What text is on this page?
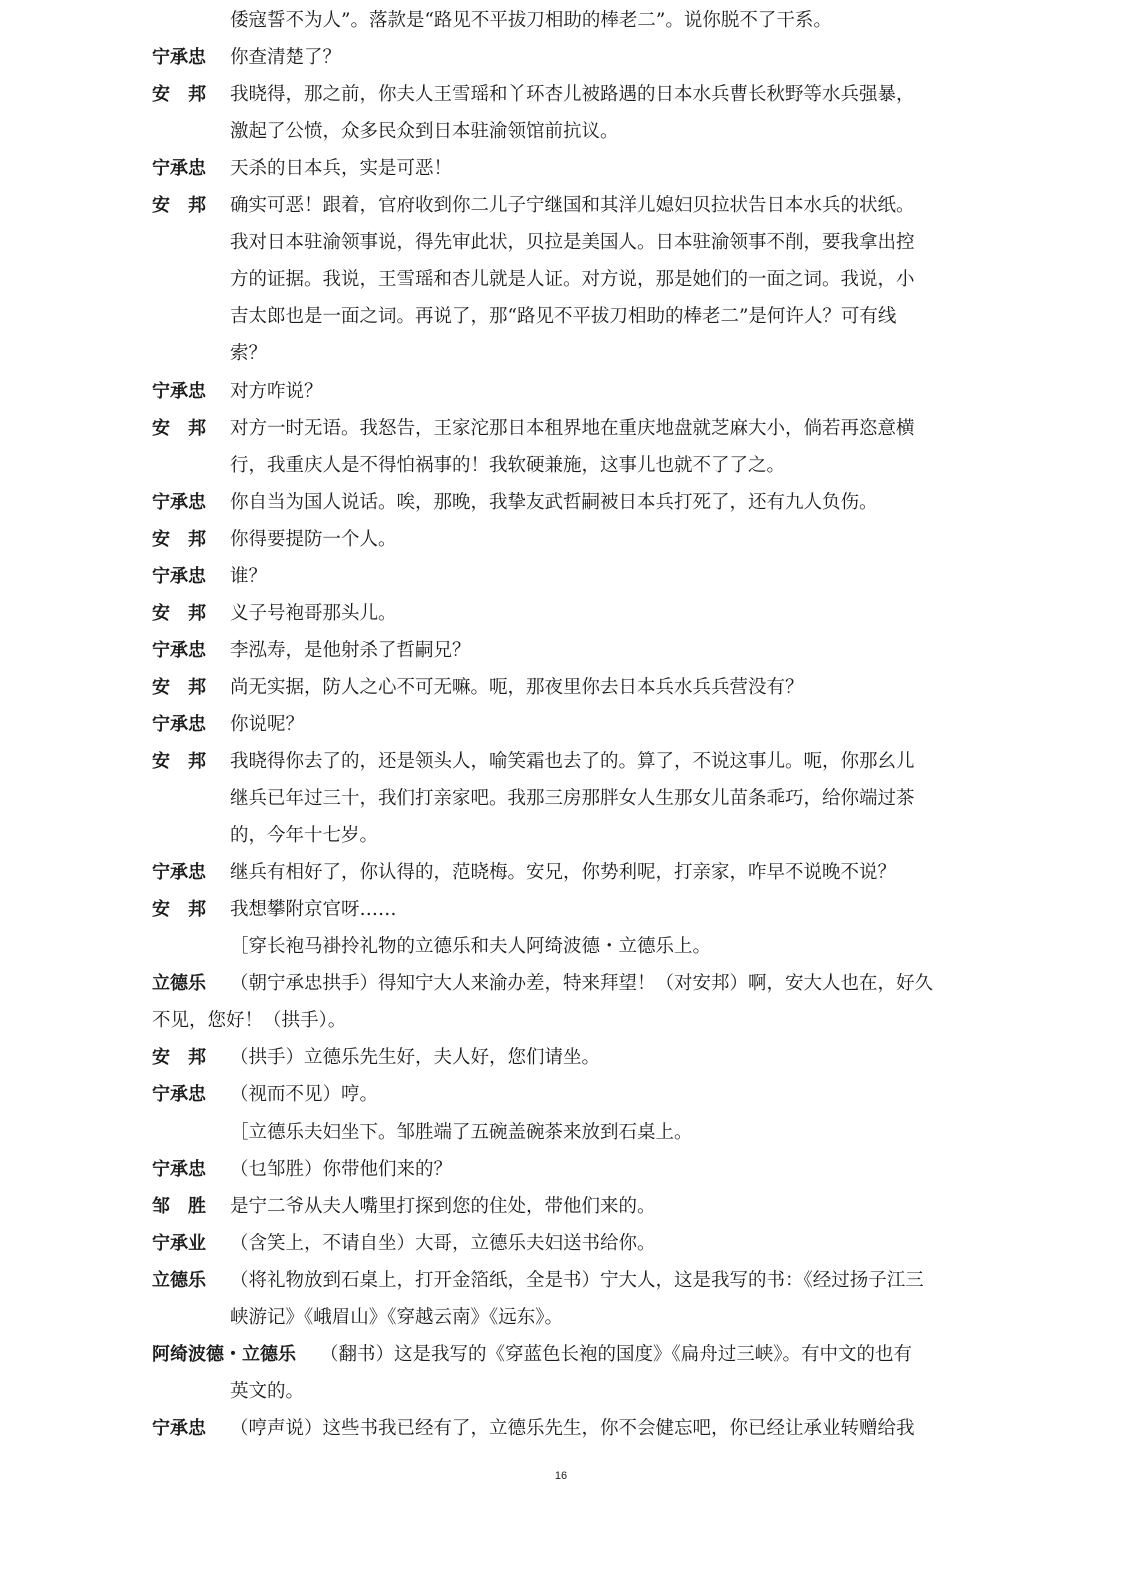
倭寇誓不为人”。落款是“路见不平拔刀相助的棒老二”。说你脱不了干系。
宁承忠 你查清楚了？
安　邦 我晓得，那之前，你夫人王雪瑶和丫环杏儿被路遇的日本水兵曹长秋野等水兵强暴，
激起了公愤，众多民众到日本驻渝领馆前抗议。
宁承忠 天杀的日本兵，实是可恶！
安　邦 确实可恶！跟着，官府收到你二儿子宁继国和其洋儿媳妇贝拉状告日本水兵的状纸。
我对日本驻渝领事说，得先审此状，贝拉是美国人。日本驻渝领事不削，要我拿出控
方的证据。我说，王雪瑶和杏儿就是人证。对方说，那是她们的一面之词。我说，小
吉太郎也是一面之词。再说了，那“路见不平拔刀相助的棒老二”是何许人？可有线
索？
宁承忠 对方咋说？
安　邦 对方一时无语。我怒告，王家沱那日本租界地在重庆地盘就芝麻大小，倘若再恣意横
行，我重庆人是不得怕祸事的！我软硬兼施，这事儿也就不了了之。
宁承忠 你自当为国人说话。唉，那晚，我挚友武哲嗣被日本兵打死了，还有九人负伤。
安　邦 你得要提防一个人。
宁承忠 谁？
安　邦 义子号袍哥那头儿。
宁承忠 李泓寿，是他射杀了哲嗣兄？
安　邦 尚无实据，防人之心不可无嘛。呃，那夜里你去日本兵水兵兵营没有？
宁承忠 你说呢？
安　邦 我晓得你去了的，还是领头人，喻笑霜也去了的。算了，不说这事儿。呃，你那幺儿
继兵已年过三十，我们打亲家吧。我那三房那胖女人生那女儿苗条乖巧，给你端过茶
的，今年十七岁。
宁承忠 继兵有相好了，你认得的，范晓梅。安兄，你势利呢，打亲家，咋早不说晚不说？
安　邦 我想攀附京官呀……
［穿长袍马褂拎礼物的立德乐和夫人阿绮波德・立德乐上。
立德乐 （朝宁承忠拱手）得知宁大人来渝办差，特来拜望！（对安邦）啊，安大人也在，好久
不见，您好！（拱手）。
安　邦 （拱手）立德乐先生好，夫人好，您们请坐。
宁承忠 （视而不见）哼。
［立德乐夫妇坐下。邹胜端了五碗盖碗茶来放到石桌上。
宁承忠 （乜邹胜）你带他们来的？
邹　胜 是宁二爷从夫人嘴里打探到您的住处，带他们来的。
宁承业 （含笑上，不请自坐）大哥，立德乐夫妇送书给你。
立德乐 （将礼物放到石桌上，打开金箔纸，全是书）宁大人，这是我写的书：《经过扬子江三
峡游记》《峨眉山》《穿越云南》《远东》。
阿绮波德・立德乐 （翻书）这是我写的《穿蓝色长袍的国度》《扁舟过三峡》。有中文的也有
英文的。
宁承忠 （哼声说）这些书我已经有了，立德乐先生，你不会健忘吧，你已经让承业转赠给我
16
